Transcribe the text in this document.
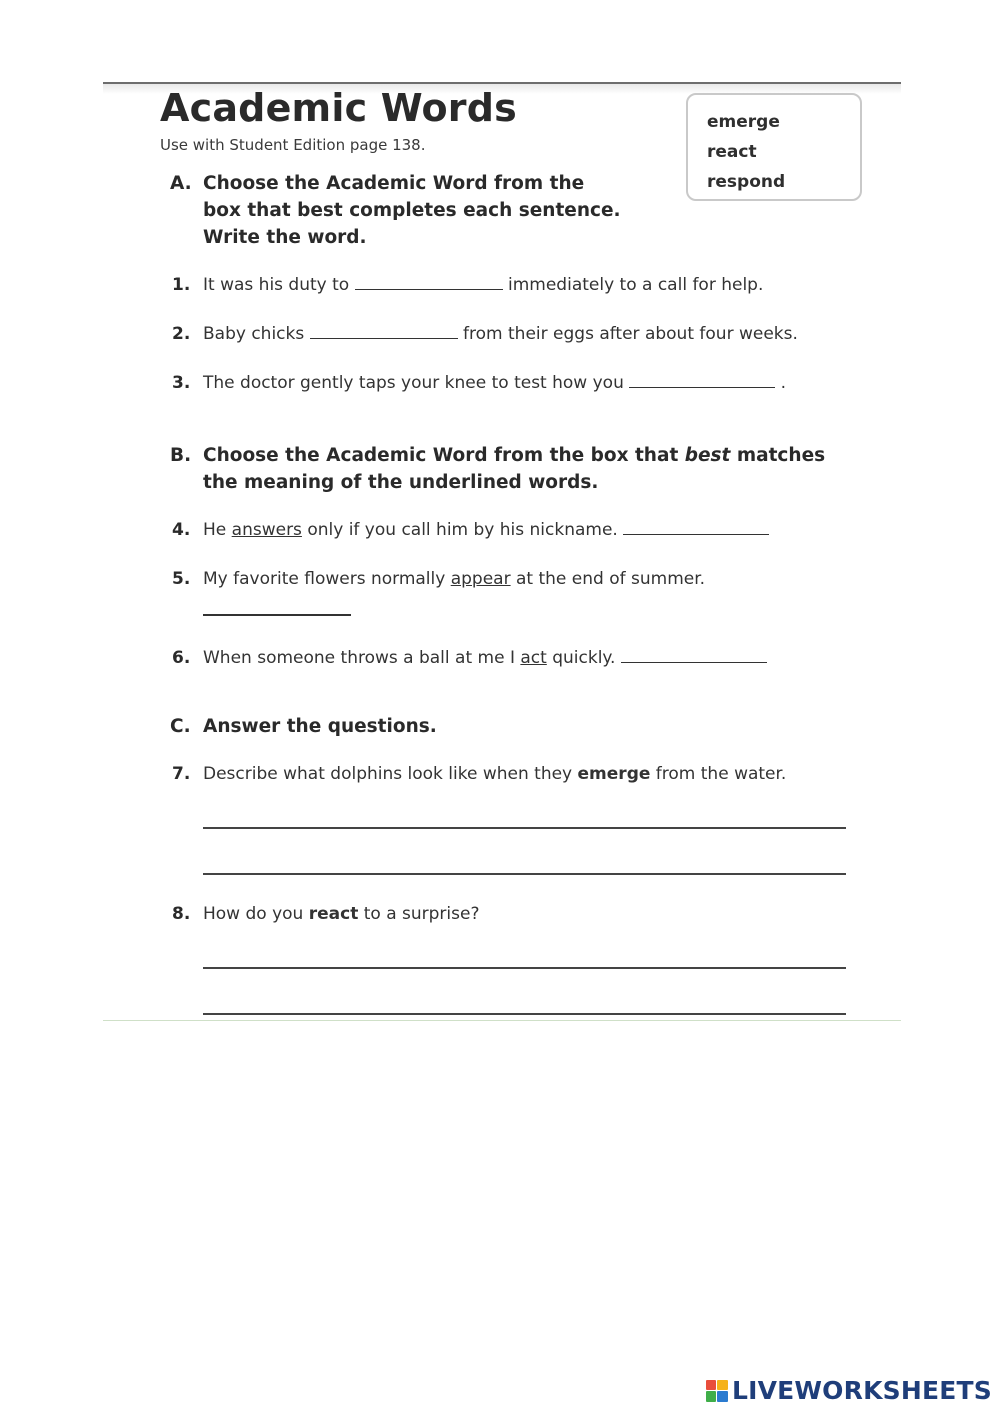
Academic Words
Use with Student Edition page 138.
emerge
react
respond
A. Choose the Academic Word from the
box that best completes each sentence.
Write the word.
1. It was his duty to	immediately to a call for help.
2. Baby chicks	from their eggs after about four weeks.
3. The doctor gently taps your knee to test how you	.
B. Choose the Academic Word from the box that best matches
the meaning of the underlined words.
4. He answers only if you call him by his nickname.
5. My favorite flowers normally appear at the end of summer.
6. When someone throws a ball at me I act quickly.
C. Answer the questions.
7. Describe what dolphins look like when they emerge from the water.
8. How do you react to a surprise?
LIVEWORKSHEETS
